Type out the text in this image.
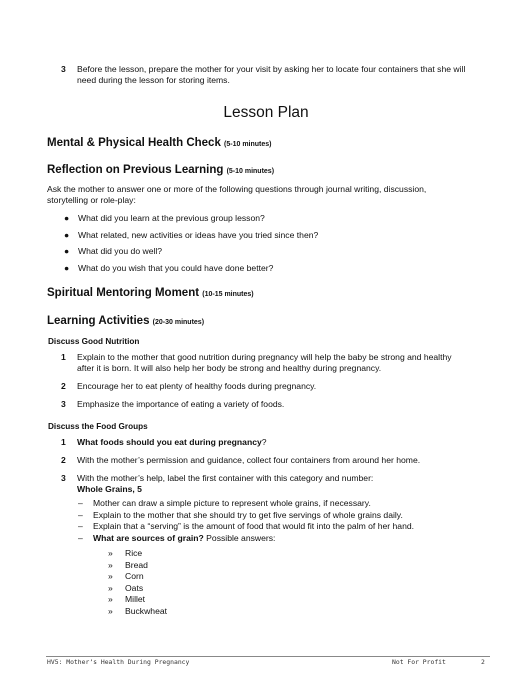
3 Before the lesson, prepare the mother for your visit by asking her to locate four containers that she will
need during the lesson for storing items.
Lesson Plan
Mental & Physical Health Check (5-10 minutes)
Reflection on Previous Learning (5-10 minutes)
Ask the mother to answer one or more of the following questions through journal writing, discussion,
storytelling or role-play:
● What did you learn at the previous group lesson?
● What related, new activities or ideas have you tried since then?
● What did you do well?
● What do you wish that you could have done better?
Spiritual Mentoring Moment (10-15 minutes)
Learning Activities (20-30 minutes)
Discuss Good Nutrition
1 Explain to the mother that good nutrition during pregnancy will help the baby be strong and healthy
after it is born. It will also help her body be strong and healthy during pregnancy.
2 Encourage her to eat plenty of healthy foods during pregnancy.
3 Emphasize the importance of eating a variety of foods.
Discuss the Food Groups
1 What foods should you eat during pregnancy?
2 With the mother’s permission and guidance, collect four containers from around her home.
3 With the mother’s help, label the first container with this category and number:
Whole Grains, 5
– Mother can draw a simple picture to represent whole grains, if necessary.
– Explain to the mother that she should try to get five servings of whole grains daily.
– Explain that a “serving” is the amount of food that would fit into the palm of her hand.
– What are sources of grain? Possible answers:
» Rice
» Bread
» Corn
» Oats
» Millet
» Buckwheat
HV5: Mother’s Health During Pregnancy	Not For Profit	2
